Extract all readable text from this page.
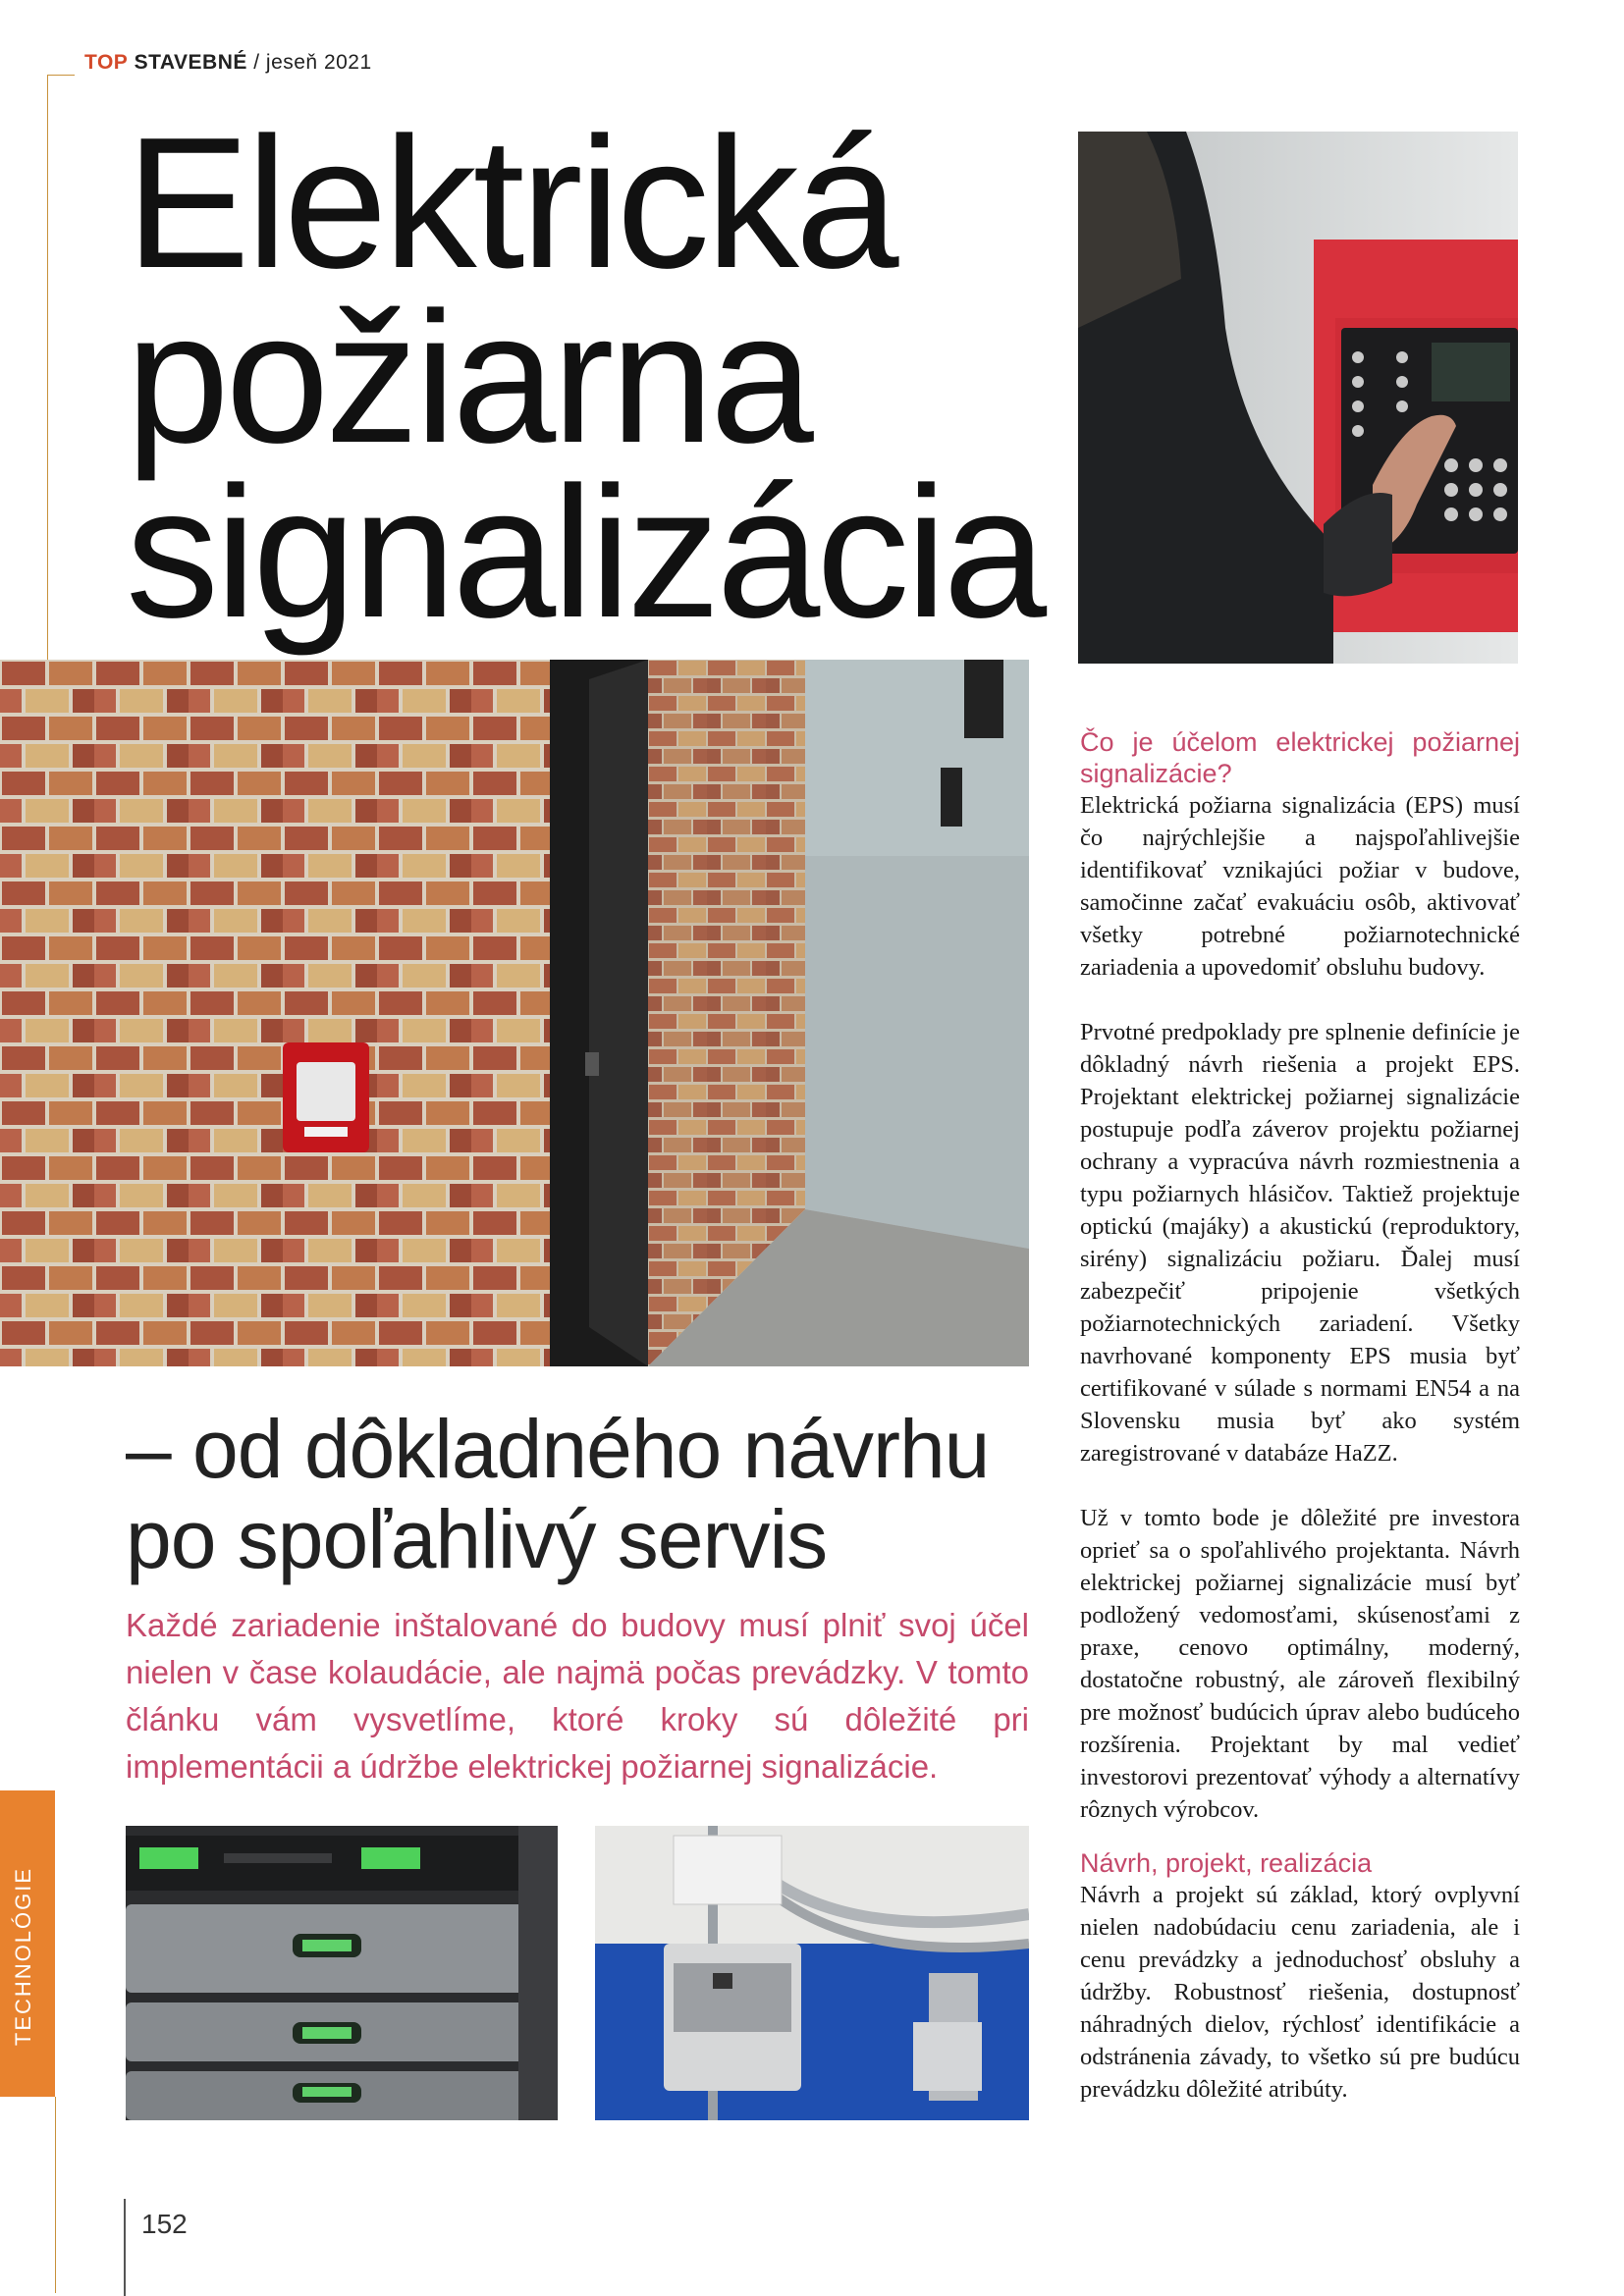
TOP STAVEBNÉ / jeseň 2021
Elektrická
požiarna
signalizácia
– od dôkladného návrhu
po spoľahlivý servis
Každé zariadenie inštalované do budovy musí plniť svoj účel nielen v čase kolaudácie, ale najmä počas prevádzky. V tomto článku vám vysvetlíme, ktoré kroky sú dôležité pri implementácii a údržbe elektrickej požiarnej signalizácie.
Čo je účelom elektrickej požiarnej signalizácie?

Elektrická požiarna signalizácia (EPS) musí čo najrýchlejšie a najspoľahlivejšie identifikovať vznikajúci požiar v budove, samočinne začať evakuáciu osôb, aktivovať všetky potrebné požiarnotechnické zariadenia a upovedomiť obsluhu budovy.

Prvotné predpoklady pre splnenie definície je dôkladný návrh riešenia a projekt EPS. Projektant elektrickej požiarnej signalizácie postupuje podľa záverov projektu požiarnej ochrany a vypracúva návrh rozmiestnenia a typu požiarnych hlásičov. Taktiež projektuje optickú (majáky) a akustickú (reproduktory, sirény) signalizáciu požiaru. Ďalej musí zabezpečiť pripojenie všetkých požiarnotechnických zariadení. Všetky navrhované komponenty EPS musia byť certifikované v súlade s normami EN54 a na Slovensku musia byť ako systém zaregistrované v databáze HaZZ.

Už v tomto bode je dôležité pre investora oprieť sa o spoľahlivého projektanta. Návrh elektrickej požiarnej signalizácie musí byť podložený vedomosťami, skúsenosťami z praxe, cenovo optimálny, moderný, dostatočne robustný, ale zároveň flexibilný pre možnosť budúcich úprav alebo budúceho rozšírenia. Projektant by mal vedieť investorovi prezentovať výhody a alternatívy rôznych výrobcov.

Návrh, projekt, realizácia

Návrh a projekt sú základ, ktorý ovplyvní nielen nadobúdaciu cenu zariadenia, ale i cenu prevádzky a jednoduchosť obsluhy a údržby. Robustnosť riešenia, dostupnosť náhradných dielov, rýchlosť identifikácie a odstránenia závady, to všetko sú pre budúcu prevádzku dôležité atribúty.

TECHNOLÓGIE
152
